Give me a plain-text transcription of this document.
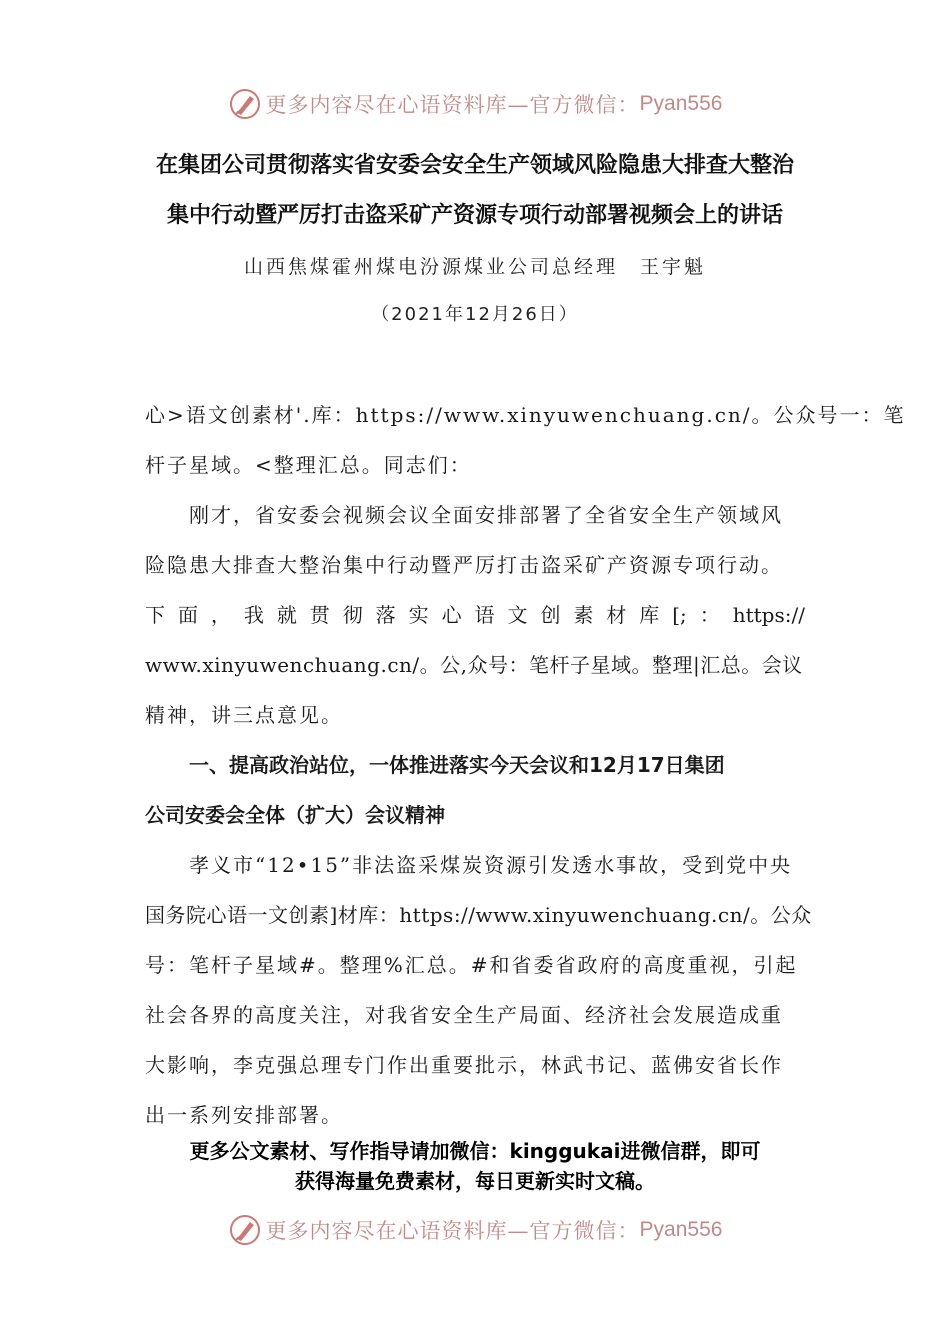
更多内容尽在心语资料库—官方微信： Pyan556
在集团公司贯彻落实省安委会安全生产领域风险隐患大排查大整治
集中行动暨严厉打击盗采矿产资源专项行动部署视频会上的讲话
山西焦煤霍州煤电汾源煤业公司总经理　王宇魁
（2021年12月26日）
心>语文创素材'.库：https://www.xinyuwenchuang.cn/。公众号一：笔
杆子星域。<整理汇总。同志们：
刚才，省安委会视频会议全面安排部署了全省安全生产领域风
险隐患大排查大整治集中行动暨严厉打击盗采矿产资源专项行动。
下 面 ， 我 就 贯 彻 落 实 心 语 文 创 素 材 库 [; ： https://
www.xinyuwenchuang.cn/。公,众号：笔杆子星域。整理|汇总。会议
精神，讲三点意见。
一、提高政治站位，一体推进落实今天会议和12月17日集团
公司安委会全体（扩大）会议精神
孝义市“12•15”非法盗采煤炭资源引发透水事故，受到党中央
国务院心语一文创素]材库：https://www.xinyuwenchuang.cn/。公众
号：笔杆子星域#。整理%汇总。#和省委省政府的高度重视，引起
社会各界的高度关注，对我省安全生产局面、经济社会发展造成重
大影响，李克强总理专门作出重要批示，林武书记、蓝佛安省长作
出一系列安排部署。
更多公文素材、写作指导请加微信：kinggukai进微信群，即可
获得海量免费素材，每日更新实时文稿。
更多内容尽在心语资料库—官方微信： Pyan556
